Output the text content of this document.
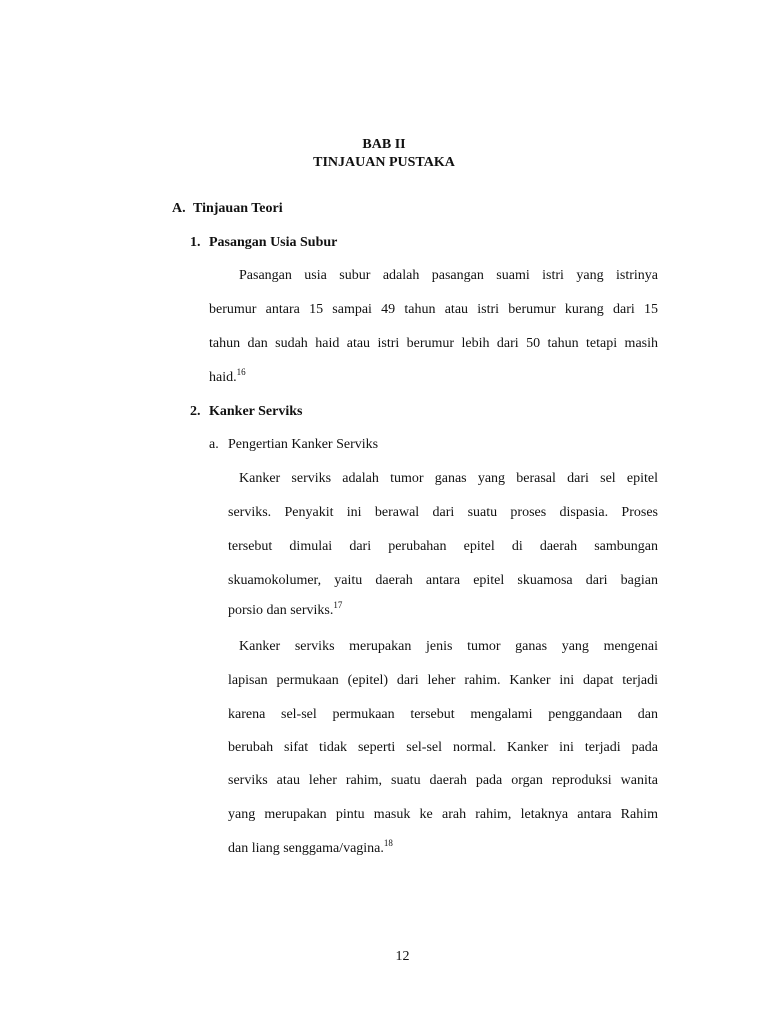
BAB II
TINJAUAN PUSTAKA
A. Tinjauan Teori
1. Pasangan Usia Subur
Pasangan usia subur adalah pasangan suami istri yang istrinya
berumur antara 15 sampai 49 tahun atau istri berumur kurang dari 15
tahun dan sudah haid atau istri berumur lebih dari 50 tahun tetapi masih
haid.$^{16}$
2. Kanker Serviks
a. Pengertian Kanker Serviks
Kanker serviks adalah tumor ganas yang berasal dari sel epitel
serviks. Penyakit ini berawal dari suatu proses dispasia. Proses
tersebut dimulai dari perubahan epitel di daerah sambungan
skuamokolumer, yaitu daerah antara epitel skuamosa dari bagian
porsio dan serviks.$^{17}$
Kanker serviks merupakan jenis tumor ganas yang mengenai
lapisan permukaan (epitel) dari leher rahim. Kanker ini dapat terjadi
karena sel-sel permukaan tersebut mengalami penggandaan dan
berubah sifat tidak seperti sel-sel normal. Kanker ini terjadi pada
serviks atau leher rahim, suatu daerah pada organ reproduksi wanita
yang merupakan pintu masuk ke arah rahim, letaknya antara Rahim
dan liang senggama/vagina.$^{18}$
12
